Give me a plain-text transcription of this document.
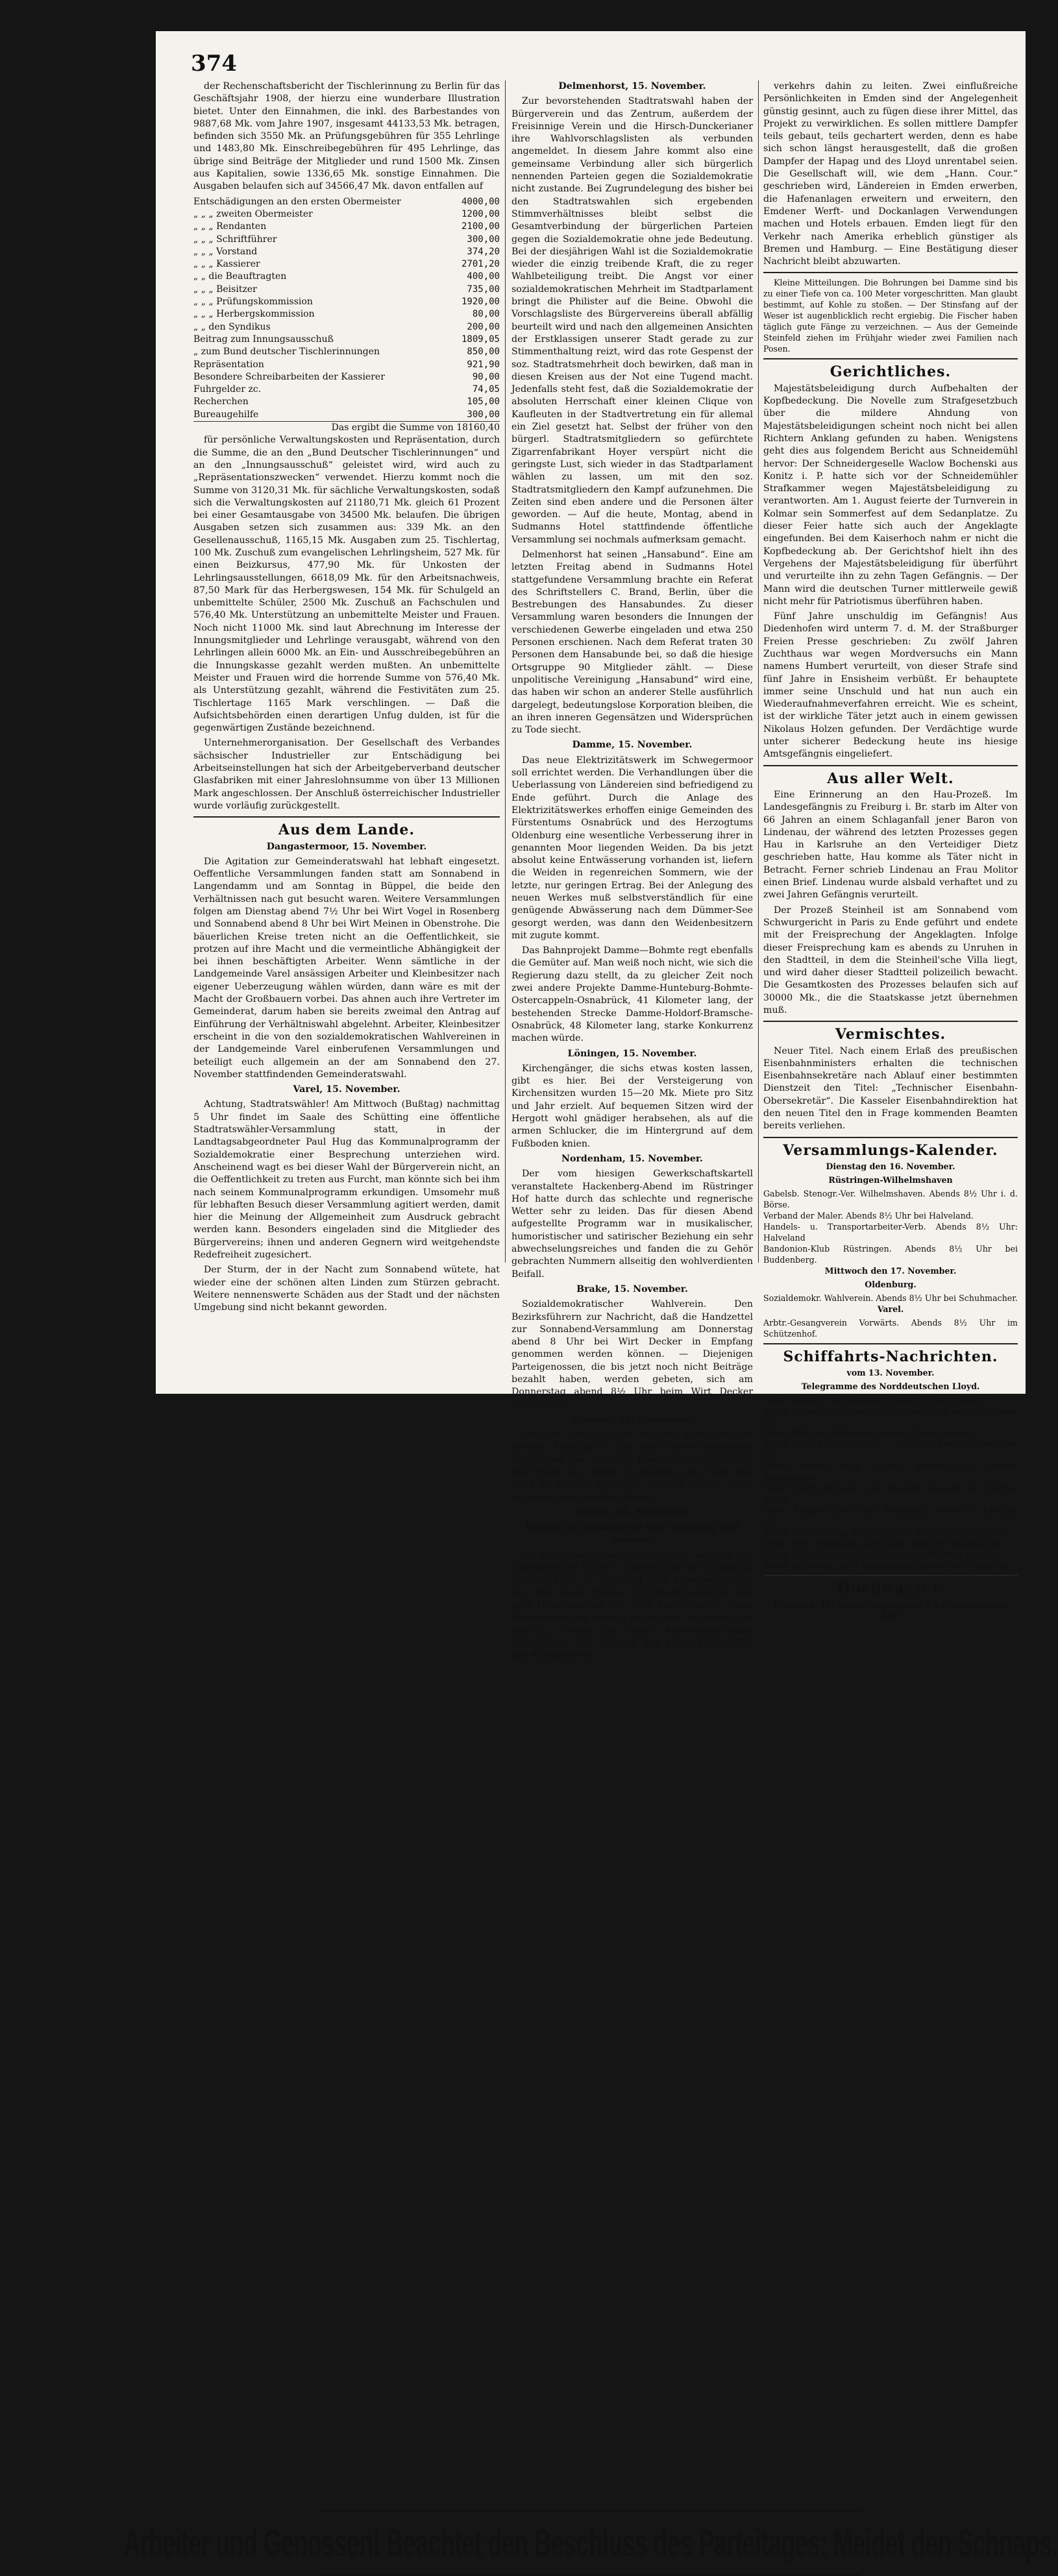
374

der Rechenschaftsbericht der Tischlerinnung zu Berlin für das Geschäftsjahr 1908, der hierzu eine wunderbare Illustration bietet. Unter den Einnahmen, die inkl. des Barbestandes von 9887,68 Mk. vom Jahre 1907, insgesamt 44133,53 Mk. betragen, befinden sich 3550 Mk. an Prüfungsgebühren für 355 Lehrlinge und 1483,80 Mk. Einschreibegebühren für 495 Lehrlinge, das übrige sind Beiträge der Mitglieder und rund 1500 Mk. Zinsen aus Kapitalien, sowie 1336,65 Mk. sonstige Einnahmen. Die Ausgaben belaufen sich auf 34566,47 Mk. davon entfallen auf

Entschädigungen an den ersten Obermeister	4000,00
„ „ „ zweiten Obermeister	1200,00
„ „ „ Rendanten	2100,00
„ „ „ Schriftführer	300,00
„ „ „ Vorstand	374,20
„ „ „ Kassierer	2701,20
„ „ die Beauftragten	400,00
„ „ „ Beisitzer	735,00
„ „ „ Prüfungskommission	1920,00
„ „ „ Herbergskommission	80,00
„ „ den Syndikus	200,00
Beitrag zum Innungsausschuß	1809,05
„ zum Bund deutscher Tischlerinnungen	850,00
Repräsentation	921,90
Besondere Schreibarbeiten der Kassierer	90,00
Fuhrgelder zc.	74,05
Recherchen	105,00
Bureaugehilfe	300,00
Das ergibt die Summe von 18160,40

für persönliche Verwaltungskosten und Repräsentation, durch die Summe, die an den „Bund Deutscher Tischlerinnungen“ und an den „Innungsausschuß“ geleistet wird, wird auch zu „Repräsentationszwecken“ verwendet. Hierzu kommt noch die Summe von 3120,31 Mk. für sächliche Verwaltungskosten, sodaß sich die Verwaltungskosten auf 21180,71 Mk. gleich 61 Prozent bei einer Gesamtausgabe von 34500 Mk. belaufen. Die übrigen Ausgaben setzen sich zusammen aus: 339 Mk. an den Gesellenausschuß, 1165,15 Mk. Ausgaben zum 25. Tischlertag, 100 Mk. Zuschuß zum evangelischen Lehrlingsheim, 527 Mk. für einen Beizkursus, 477,90 Mk. für Unkosten der Lehrlingsausstellungen, 6618,09 Mk. für den Arbeitsnachweis, 87,50 Mark für das Herbergswesen, 154 Mk. für Schulgeld an unbemittelte Schüler, 2500 Mk. Zuschuß an Fachschulen und 576,40 Mk. Unterstützung an unbemittelte Meister und Frauen. Noch nicht 11000 Mk. sind laut Abrechnung im Interesse der Innungsmitglieder und Lehrlinge verausgabt, während von den Lehrlingen allein 6000 Mk. an Ein- und Ausschreibegebühren an die Innungskasse gezahlt werden mußten. An unbemittelte Meister und Frauen wird die horrende Summe von 576,40 Mk. als Unterstützung gezahlt, während die Festivitäten zum 25. Tischlertage 1165 Mark verschlingen. — Daß die Aufsichtsbehörden einen derartigen Unfug dulden, ist für die gegenwärtigen Zustände bezeichnend.

Unternehmerorganisation. Der Gesellschaft des Verbandes sächsischer Industrieller zur Entschädigung bei Arbeitseinstellungen hat sich der Arbeitgeberverband deutscher Glasfabriken mit einer Jahreslohnsumme von über 13 Millionen Mark angeschlossen. Der Anschluß österreichischer Industrieller wurde vorläufig zurückgestellt.

Aus dem Lande.

Dangastermoor, 15. November.

Die Agitation zur Gemeinderatswahl hat lebhaft eingesetzt. Oeffentliche Versammlungen fanden statt am Sonnabend in Langendamm und am Sonntag in Büppel, die beide den Verhältnissen nach gut besucht waren. Weitere Versammlungen folgen am Dienstag abend 7½ Uhr bei Wirt Vogel in Rosenberg und Sonnabend abend 8 Uhr bei Wirt Meinen in Obenstrohe. Die bäuerlichen Kreise treten nicht an die Oeffentlichkeit, sie protzen auf ihre Macht und die vermeintliche Abhängigkeit der bei ihnen beschäftigten Arbeiter. Wenn sämtliche in der Landgemeinde Varel ansässigen Arbeiter und Kleinbesitzer nach eigener Ueberzeugung wählen würden, dann wäre es mit der Macht der Großbauern vorbei. Das ahnen auch ihre Vertreter im Gemeinderat, darum haben sie bereits zweimal den Antrag auf Einführung der Verhältniswahl abgelehnt. Arbeiter, Kleinbesitzer erscheint in die von den sozialdemokratischen Wahlvereinen in der Landgemeinde Varel einberufenen Versammlungen und beteiligt euch allgemein an der am Sonnabend den 27. November stattfindenden Gemeinderatswahl.

Varel, 15. November.

Achtung, Stadtratswähler! Am Mittwoch (Bußtag) nachmittag 5 Uhr findet im Saale des Schütting eine öffentliche Stadtratswähler-Versammlung statt, in der Landtagsabgeordneter Paul Hug das Kommunalprogramm der Sozialdemokratie einer Besprechung unterziehen wird. Anscheinend wagt es bei dieser Wahl der Bürgerverein nicht, an die Oeffentlichkeit zu treten aus Furcht, man könnte sich bei ihm nach seinem Kommunalprogramm erkundigen. Umsomehr muß für lebhaften Besuch dieser Versammlung agitiert werden, damit hier die Meinung der Allgemeinheit zum Ausdruck gebracht werden kann. Besonders eingeladen sind die Mitglieder des Bürgervereins; ihnen und anderen Gegnern wird weitgehendste Redefreiheit zugesichert.

Der Sturm, der in der Nacht zum Sonnabend wütete, hat wieder eine der schönen alten Linden zum Stürzen gebracht. Weitere nennenswerte Schäden aus der Stadt und der nächsten Umgebung sind nicht bekannt geworden.

Delmenhorst, 15. November.

Zur bevorstehenden Stadtratswahl haben der Bürgerverein und das Zentrum, außerdem der Freisinnige Verein und die Hirsch-Dunckerianer ihre Wahlvorschlagslisten als verbunden angemeldet. In diesem Jahre kommt also eine gemeinsame Verbindung aller sich bürgerlich nennenden Parteien gegen die Sozialdemokratie nicht zustande. Bei Zugrundelegung des bisher bei den Stadtratswahlen sich ergebenden Stimmverhältnisses bleibt selbst die Gesamtverbindung der bürgerlichen Parteien gegen die Sozialdemokratie ohne jede Bedeutung. Bei der diesjährigen Wahl ist die Sozialdemokratie wieder die einzig treibende Kraft, die zu reger Wahlbeteiligung treibt. Die Angst vor einer sozialdemokratischen Mehrheit im Stadtparlament bringt die Philister auf die Beine. Obwohl die Vorschlagsliste des Bürgervereins überall abfällig beurteilt wird und nach den allgemeinen Ansichten der Erstklassigen unserer Stadt gerade zu zur Stimmenthaltung reizt, wird das rote Gespenst der soz. Stadtratsmehrheit doch bewirken, daß man in diesen Kreisen aus der Not eine Tugend macht. Jedenfalls steht fest, daß die Sozialdemokratie der absoluten Herrschaft einer kleinen Clique von Kaufleuten in der Stadtvertretung ein für allemal ein Ziel gesetzt hat. Selbst der früher von den bürgerl. Stadtratsmitgliedern so gefürchtete Zigarrenfabrikant Hoyer verspürt nicht die geringste Lust, sich wieder in das Stadtparlament wählen zu lassen, um mit den soz. Stadtratsmitgliedern den Kampf aufzunehmen. Die Zeiten sind eben andere und die Personen älter geworden. — Auf die heute, Montag, abend in Sudmanns Hotel stattfindende öffentliche Versammlung sei nochmals aufmerksam gemacht.

Delmenhorst hat seinen „Hansabund“. Eine am letzten Freitag abend in Sudmanns Hotel stattgefundene Versammlung brachte ein Referat des Schriftstellers C. Brand, Berlin, über die Bestrebungen des Hansabundes. Zu dieser Versammlung waren besonders die Innungen der verschiedenen Gewerbe eingeladen und etwa 250 Personen erschienen. Nach dem Referat traten 30 Personen dem Hansabunde bei, so daß die hiesige Ortsgruppe 90 Mitglieder zählt. — Diese unpolitische Vereinigung „Hansabund“ wird eine, das haben wir schon an anderer Stelle ausführlich dargelegt, bedeutungslose Korporation bleiben, die an ihren inneren Gegensätzen und Widersprüchen zu Tode siecht.

Damme, 15. November.

Das neue Elektrizitätswerk im Schwegermoor soll errichtet werden. Die Verhandlungen über die Ueberlassung von Ländereien sind befriedigend zu Ende geführt. Durch die Anlage des Elektrizitätswerkes erhoffen einige Gemeinden des Fürstentums Osnabrück und des Herzogtums Oldenburg eine wesentliche Verbesserung ihrer in genannten Moor liegenden Weiden. Da bis jetzt absolut keine Entwässerung vorhanden ist, liefern die Weiden in regenreichen Sommern, wie der letzte, nur geringen Ertrag. Bei der Anlegung des neuen Werkes muß selbstverständlich für eine genügende Abwässerung nach dem Dümmer-See gesorgt werden, was dann den Weidenbesitzern mit zugute kommt.

Das Bahnprojekt Damme—Bohmte regt ebenfalls die Gemüter auf. Man weiß noch nicht, wie sich die Regierung dazu stellt, da zu gleicher Zeit noch zwei andere Projekte Damme-Hunteburg-Bohmte-Ostercappeln-Osnabrück, 41 Kilometer lang, der bestehenden Strecke Damme-Holdorf-Bramsche-Osnabrück, 48 Kilometer lang, starke Konkurrenz machen würde.

Löningen, 15. November.

Kirchengänger, die sichs etwas kosten lassen, gibt es hier. Bei der Versteigerung von Kirchensitzen wurden 15—20 Mk. Miete pro Sitz und Jahr erzielt. Auf bequemen Sitzen wird der Hergott wohl gnädiger herabsehen, als auf die armen Schlucker, die im Hintergrund auf dem Fußboden knien.

Nordenham, 15. November.

Der vom hiesigen Gewerkschaftskartell veranstaltete Hackenberg-Abend im Rüstringer Hof hatte durch das schlechte und regnerische Wetter sehr zu leiden. Das für diesen Abend aufgestellte Programm war in musikalischer, humoristischer und satirischer Beziehung ein sehr abwechselungsreiches und fanden die zu Gehör gebrachten Nummern allseitig den wohlverdienten Beifall.

Brake, 15. November.

Sozialdemokratischer Wahlverein. Den Bezirksführern zur Nachricht, daß die Handzettel zur Sonnabend-Versammlung am Donnerstag abend 8 Uhr bei Wirt Decker in Empfang genommen werden können. — Diejenigen Parteigenossen, die bis jetzt noch nicht Beiträge bezahlt haben, werden gebeten, sich am Donnerstag abend 8½ Uhr beim Wirt Decker einzufinden.

Bremen, 15. November.

Von der Luftschiffahrt. Auf der Rennbahn des Bremer Reitklubs in der Vahr führte Sonnabend nachmittag der Aviatiker Hans Grade-Magdeburg fünf Flüge aus, wobei er zeitweise eine Höhe von etwa 50 Metern erreichte. Bei den ersten Fluge herrschte noch starker Sturm.

Emden, 15. November.

Emden als Konkurrent von Hamburg und Bremen?

Im deutschen Auswandererverkehr nehmen der Norddeutsche Lloyd in Bremen und die Hamburg-Amerika-Linie in Hamburg eine Monopolstellung ein. Von einem Bremer Schiffsahrtsagenten, der gute Hintermänner hat, wird nun versucht, diese Monopolstellung streitig zu machen. Es besteht die Absicht, Emden als neuen Auswandererhafen einzurichten und dadurch den einen großen Teil des Auswanderer-

verkehrs dahin zu leiten. Zwei einflußreiche Persönlichkeiten in Emden sind der Angelegenheit günstig gesinnt, auch zu fügen diese ihrer Mittel, das Projekt zu verwirklichen. Es sollen mittlere Dampfer teils gebaut, teils gechartert werden, denn es habe sich schon längst herausgestellt, daß die großen Dampfer der Hapag und des Lloyd unrentabel seien. Die Gesellschaft will, wie dem „Hann. Cour.“ geschrieben wird, Ländereien in Emden erwerben, die Hafenanlagen erweitern und erweitern, den Emdener Werft- und Dockanlagen Verwendungen machen und Hotels erbauen. Emden liegt für den Verkehr nach Amerika erheblich günstiger als Bremen und Hamburg. — Eine Bestätigung dieser Nachricht bleibt abzuwarten.

Kleine Mitteilungen. Die Bohrungen bei Damme sind bis zu einer Tiefe von ca. 100 Meter vorgeschritten. Man glaubt bestimmt, auf Kohle zu stoßen. — Der Stinsfang auf der Weser ist augenblicklich recht ergiebig. Die Fischer haben täglich gute Fänge zu verzeichnen. — Aus der Gemeinde Steinfeld ziehen im Frühjahr wieder zwei Familien nach Posen.

Gerichtliches.

Majestätsbeleidigung durch Aufbehalten der Kopfbedeckung. Die Novelle zum Strafgesetzbuch über die mildere Ahndung von Majestätsbeleidigungen scheint noch nicht bei allen Richtern Anklang gefunden zu haben. Wenigstens geht dies aus folgendem Bericht aus Schneidemühl hervor: Der Schneidergeselle Waclow Bochenski aus Konitz i. P. hatte sich vor der Schneidemühler Strafkammer wegen Majestätsbeleidigung zu verantworten. Am 1. August feierte der Turnverein in Kolmar sein Sommerfest auf dem Sedanplatze. Zu dieser Feier hatte sich auch der Angeklagte eingefunden. Bei dem Kaiserhoch nahm er nicht die Kopfbedeckung ab. Der Gerichtshof hielt ihn des Vergehens der Majestätsbeleidigung für überführt und verurteilte ihn zu zehn Tagen Gefängnis. — Der Mann wird die deutschen Turner mittlerweile gewiß nicht mehr für Patriotismus überführen haben.

Fünf Jahre unschuldig im Gefängnis! Aus Diedenhofen wird unterm 7. d. M. der Straßburger Freien Presse geschrieben: Zu zwölf Jahren Zuchthaus war wegen Mordversuchs ein Mann namens Humbert verurteilt, von dieser Strafe sind fünf Jahre in Ensisheim verbüßt. Er behauptete immer seine Unschuld und hat nun auch ein Wiederaufnahmeverfahren erreicht. Wie es scheint, ist der wirkliche Täter jetzt auch in einem gewissen Nikolaus Holzen gefunden. Der Verdächtige wurde unter sicherer Bedeckung heute ins hiesige Amtsgefängnis eingeliefert.

Aus aller Welt.

Eine Erinnerung an den Hau-Prozeß. Im Landesgefängnis zu Freiburg i. Br. starb im Alter von 66 Jahren an einem Schlaganfall jener Baron von Lindenau, der während des letzten Prozesses gegen Hau in Karlsruhe an den Verteidiger Dietz geschrieben hatte, Hau komme als Täter nicht in Betracht. Ferner schrieb Lindenau an Frau Molitor einen Brief. Lindenau wurde alsbald verhaftet und zu zwei Jahren Gefängnis verurteilt.

Der Prozeß Steinheil ist am Sonnabend vom Schwurgericht in Paris zu Ende geführt und endete mit der Freisprechung der Angeklagten. Infolge dieser Freisprechung kam es abends zu Unruhen in den Stadtteil, in dem die Steinheil'sche Villa liegt, und wird daher dieser Stadtteil polizeilich bewacht. Die Gesamtkosten des Prozesses belaufen sich auf 30000 Mk., die die Staatskasse jetzt übernehmen muß.

Vermischtes.

Neuer Titel. Nach einem Erlaß des preußischen Eisenbahnministers erhalten die technischen Eisenbahnsekretäre nach Ablauf einer bestimmten Dienstzeit den Titel: „Technischer Eisenbahn-Obersekretär“. Die Kasseler Eisenbahndirektion hat den neuen Titel den in Frage kommenden Beamten bereits verliehen.

Versammlungs-Kalender.

Dienstag den 16. November.

Rüstringen-Wilhelmshaven

Gabelsb. Stenogr.-Ver. Wilhelmshaven. Abends 8½ Uhr i. d. Börse.
Verband der Maler. Abends 8½ Uhr bei Halveland.
Handels- u. Transportarbeiter-Verb. Abends 8½ Uhr: Halveland
Bandonion-Klub Rüstringen. Abends 8½ Uhr bei Buddenberg.

Mittwoch den 17. November.

Oldenburg.

Sozialdemokr. Wahlverein. Abends 8½ Uhr bei Schuhmacher.

Varel.

Arbtr.-Gesangverein Vorwärts. Abends 8½ Uhr im Schützenhof.
Schiffahrts-Nachrichten.

vom 13. November.

Telegramme des Norddeutschen Lloyd.

Postd. Breslau, von Galveston, gestern Dover passiert.
Postd. Frankfurt, gestern von Buenos Aires nach der Weser ab.
Postd. Köln, von Baltimore, gestern Dover passiert.
Postd. Prinz Eitel Friedrich, v. Ostasien, heute in Cuxhaven an.
Postd. Roland, nach Laplata, gestern von Corunna abgegangen.
Postd. Sierra Ventana, von Brasilien, gestern von Funchal abgeg.
Postd. Königin Luise, nach Australien, gestern in Adelaide an.
Postd. Prinz Ludwig, nach Ostasien, heute in Singapore an.
Postd. Prinz Waldemar, nach Kobe, heute in Hongkong an.
Postd. Schwaben, von Australien, gestern Dover passiert.
Postd. Schleswig, nach Alexandrien, gestern von Neapel ab.
Hochwasser.

Dienstag, 16. Novbr.: vormittags 2.52, nachmittags 3.07

Arbeiter und Genossen! Beachtet den Beschluss des Parteitages: Meidet den Schnaps.
